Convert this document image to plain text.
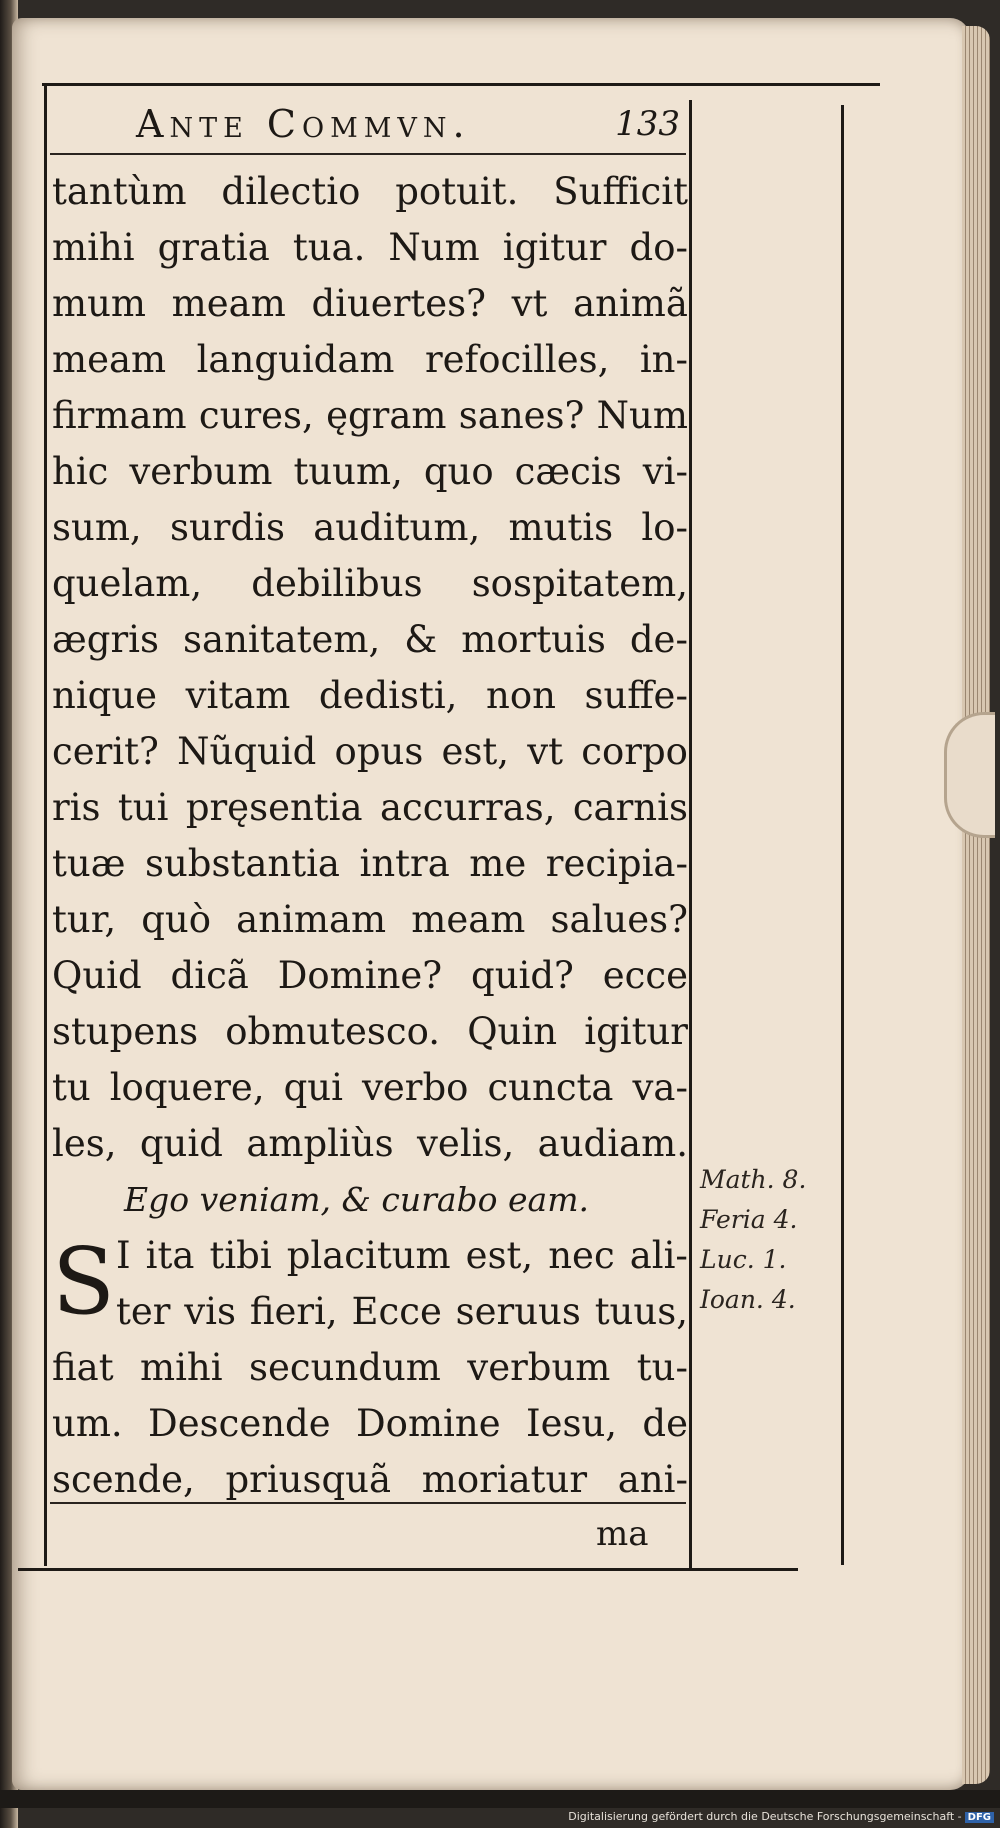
Ante Commvn.	133
tantùm dilectio potuit. Sufficit
mihi gratia tua. Num igitur do-
mum meam diuertes? vt animã
meam languidam refocilles, in-
firmam cures, ęgram sanes? Num
hic verbum tuum, quo cæcis vi-
sum, surdis auditum, mutis lo-
quelam, debilibus sospitatem,
ægris sanitatem, & mortuis de-
nique vitam dedisti, non suffe-
cerit? Nũquid opus est, vt corpo
ris tui pręsentia accurras, carnis
tuæ substantia intra me recipia-
tur, quò animam meam salues?
Quid dicã Domine? quid? ecce
stupens obmutesco. Quin igitur
tu loquere, qui verbo cuncta va-
les, quid ampliùs velis, audiam.
Ego veniam, & curabo eam.
S I ita tibi placitum est, nec ali-
ter vis fieri, Ecce seruus tuus,
fiat mihi secundum verbum tu-
um. Descende Domine Iesu, de
scende, priusquã moriatur ani-
ma
Math. 8.
Feria 4.
Luc. 1.
Ioan. 4.
Digitalisierung gefördert durch die Deutsche Forschungsgemeinschaft - DFG
